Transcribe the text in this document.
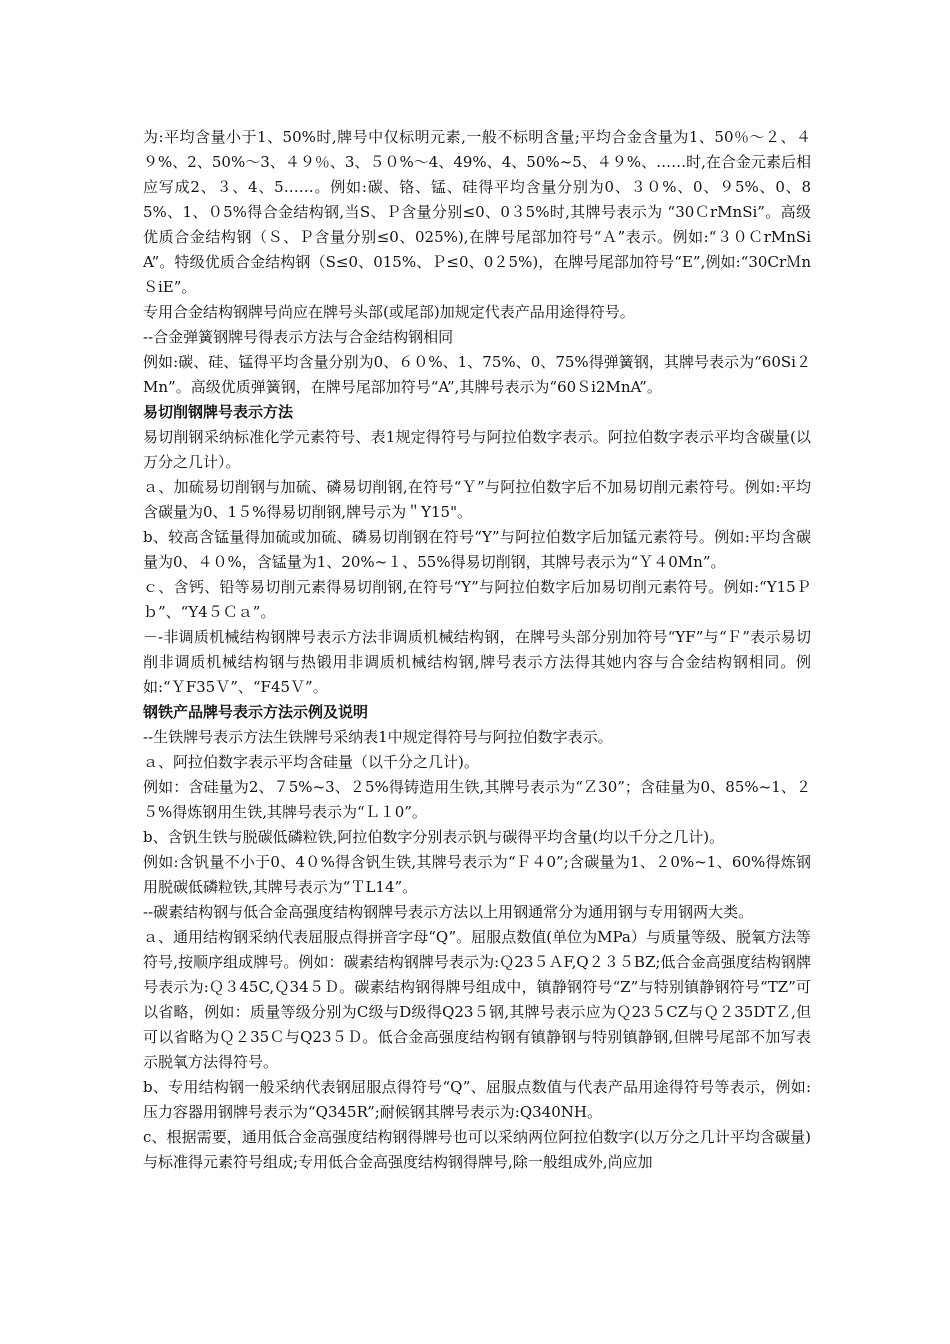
为:平均含量小于1、50%时,牌号中仅标明元素,一般不标明含量;平均合金含量为1、50％～２、４９%、2、50%～3、４９％、3、５０%～4、49%、4、50%~5、４９%、……时,在合金元素后相应写成2、３、4、5……。例如:碳、铬、锰、硅得平均含量分别为0、３０%、0、９5%、0、85%、1、０5%得合金结构钢,当S、Ｐ含量分别≤0、0３5%时,其牌号表示为 “30ＣrMnSi”。高级优质合金结构钢（Ｓ、Ｐ含量分别≤0、025%),在牌号尾部加符号“Ａ”表示。例如:“３０ＣrMnSiA”。特级优质合金结构钢（S≤0、015%、Ｐ≤0、0２5%)，在牌号尾部加符号“E”,例如:“30CrＭnＳiE”。

专用合金结构钢牌号尚应在牌号头部(或尾部)加规定代表产品用途得符号。

--合金弹簧钢牌号得表示方法与合金结构钢相同

例如:碳、硅、锰得平均含量分别为0、６０%、1、75%、0、75%得弹簧钢，其牌号表示为“60Si２Mn”。高级优质弹簧钢，在牌号尾部加符号“A”,其牌号表示为“60Ｓi2MnA”。

易切削钢牌号表示方法

易切削钢采纳标准化学元素符号、表1规定得符号与阿拉伯数字表示。阿拉伯数字表示平均含碳量(以万分之几计）。

ａ、加硫易切削钢与加硫、磷易切削钢,在符号“Ｙ”与阿拉伯数字后不加易切削元素符号。例如:平均含碳量为0、1５%得易切削钢,牌号示为＂Y15"。

b、较高含锰量得加硫或加硫、磷易切削钢在符号“Y”与阿拉伯数字后加锰元素符号。例如:平均含碳量为0、４０%，含锰量为1、20%~１、55%得易切削钢，其牌号表示为“Ｙ４0Mn”。

ｃ、含钙、铅等易切削元素得易切削钢,在符号“Y”与阿拉伯数字后加易切削元素符号。例如:“Y15Ｐｂ”、“Y4５Ｃａ”。

－-非调质机械结构钢牌号表示方法非调质机械结构钢，在牌号头部分别加符号“YF”与“Ｆ”表示易切削非调质机械结构钢与热锻用非调质机械结构钢,牌号表示方法得其她内容与合金结构钢相同。例如:“ＹF35Ｖ”、“F45Ｖ”。

钢铁产品牌号表示方法示例及说明

--生铁牌号表示方法生铁牌号采纳表1中规定得符号与阿拉伯数字表示。

ａ、阿拉伯数字表示平均含硅量（以千分之几计)。

例如：含硅量为2、７5%~3、２5%得铸造用生铁,其牌号表示为“Ｚ30”；含硅量为0、85%~1、２５%得炼钢用生铁,其牌号表示为“Ｌ１0”。

b、含钒生铁与脱碳低磷粒铁,阿拉伯数字分别表示钒与碳得平均含量(均以千分之几计)。

例如:含钒量不小于0、4０%得含钒生铁,其牌号表示为“Ｆ４0”;含碳量为1、２0%~1、60%得炼钢用脱碳低磷粒铁,其牌号表示为“ＴL14”。

--碳素结构钢与低合金高强度结构钢牌号表示方法以上用钢通常分为通用钢与专用钢两大类。

ａ、通用结构钢采纳代表屈服点得拼音字母“Q”。屈服点数值(单位为MPa）与质量等级、脱氧方法等符号,按顺序组成牌号。例如：碳素结构钢牌号表示为:Ｑ23５ＡF,Q２３５BZ;低合金高强度结构钢牌号表示为:Ｑ３45C,Ｑ34５Ｄ。碳素结构钢得牌号组成中，镇静钢符号“Z”与特别镇静钢符号“TZ”可以省略，例如：质量等级分别为C级与D级得Q23５钢,其牌号表示应为Ｑ23５CZ与Ｑ２35DTＺ,但可以省略为Ｑ２35Ｃ与Q23５Ｄ。低合金高强度结构钢有镇静钢与特别镇静钢,但牌号尾部不加写表示脱氧方法得符号。

b、专用结构钢一般采纳代表钢屈服点得符号“Q”、屈服点数值与代表产品用途得符号等表示，例如:压力容器用钢牌号表示为“Q345R”;耐候钢其牌号表示为:Q340NH。

c、根据需要，通用低合金高强度结构钢得牌号也可以采纳两位阿拉伯数字(以万分之几计平均含碳量)与标准得元素符号组成;专用低合金高强度结构钢得牌号,除一般组成外,尚应加
